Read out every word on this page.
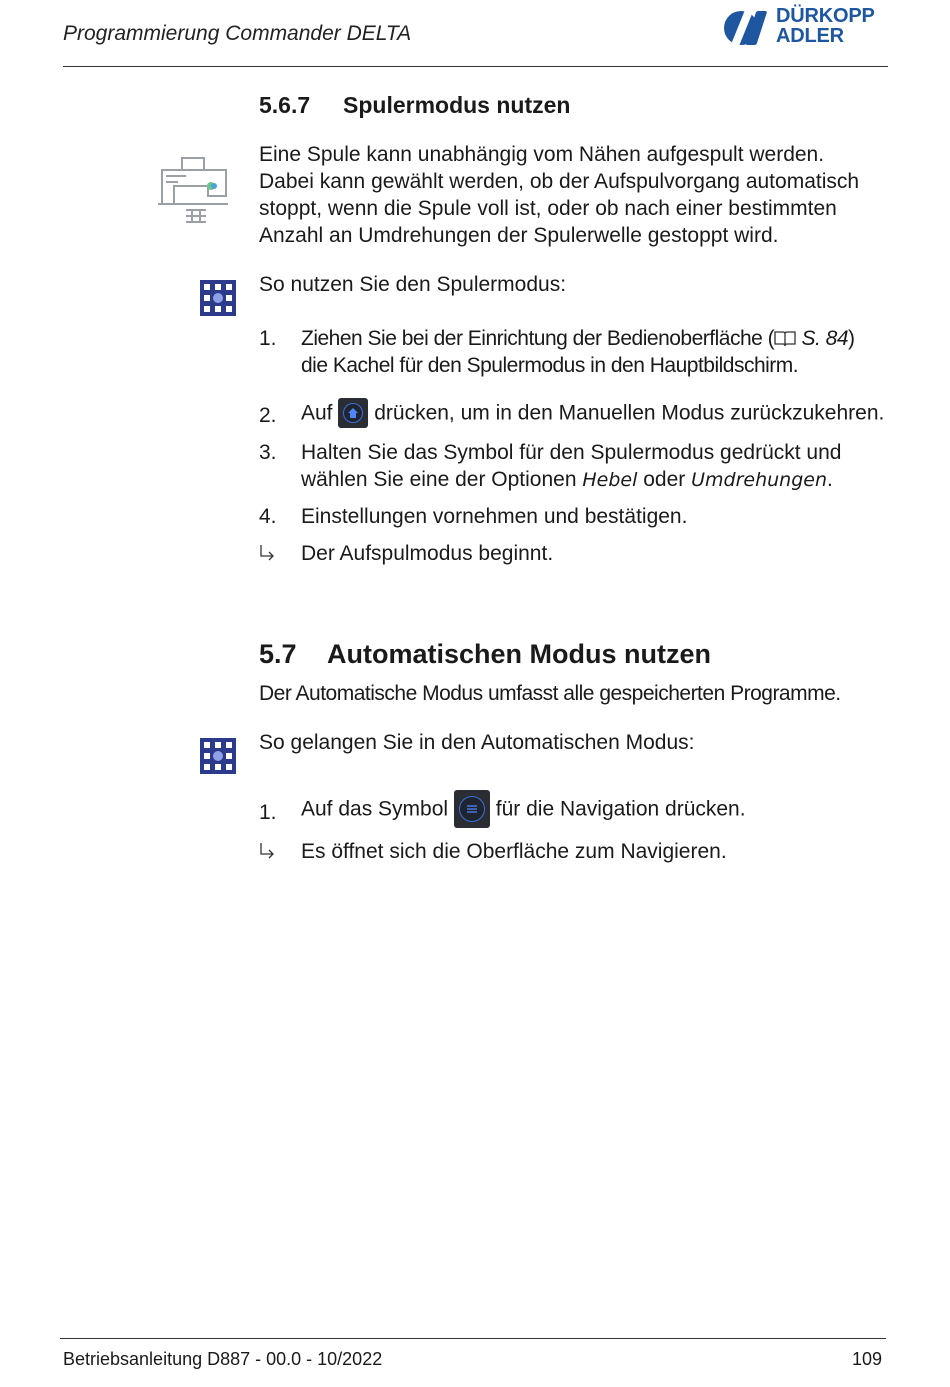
Programmierung Commander DELTA
DÜRKOPP
ADLER
5.6.7 Spulermodus nutzen
Eine Spule kann unabhängig vom Nähen aufgespult werden.
Dabei kann gewählt werden, ob der Aufspulvorgang automatisch
stoppt, wenn die Spule voll ist, oder ob nach einer bestimmten
Anzahl an Umdrehungen der Spulerwelle gestoppt wird.
So nutzen Sie den Spulermodus:
1. Ziehen Sie bei der Einrichtung der Bedienoberfläche ( S. 84)
die Kachel für den Spulermodus in den Hauptbildschirm.
2. Auf drücken, um in den Manuellen Modus zurückzukehren.
3. Halten Sie das Symbol für den Spulermodus gedrückt und
wählen Sie eine der Optionen Hebel oder Umdrehungen.
4. Einstellungen vornehmen und bestätigen.
Der Aufspulmodus beginnt.
5.7 Automatischen Modus nutzen
Der Automatische Modus umfasst alle gespeicherten Programme.
So gelangen Sie in den Automatischen Modus:
1. Auf das Symbol für die Navigation drücken.
Es öffnet sich die Oberfläche zum Navigieren.
Betriebsanleitung D887 - 00.0 - 10/2022	109
